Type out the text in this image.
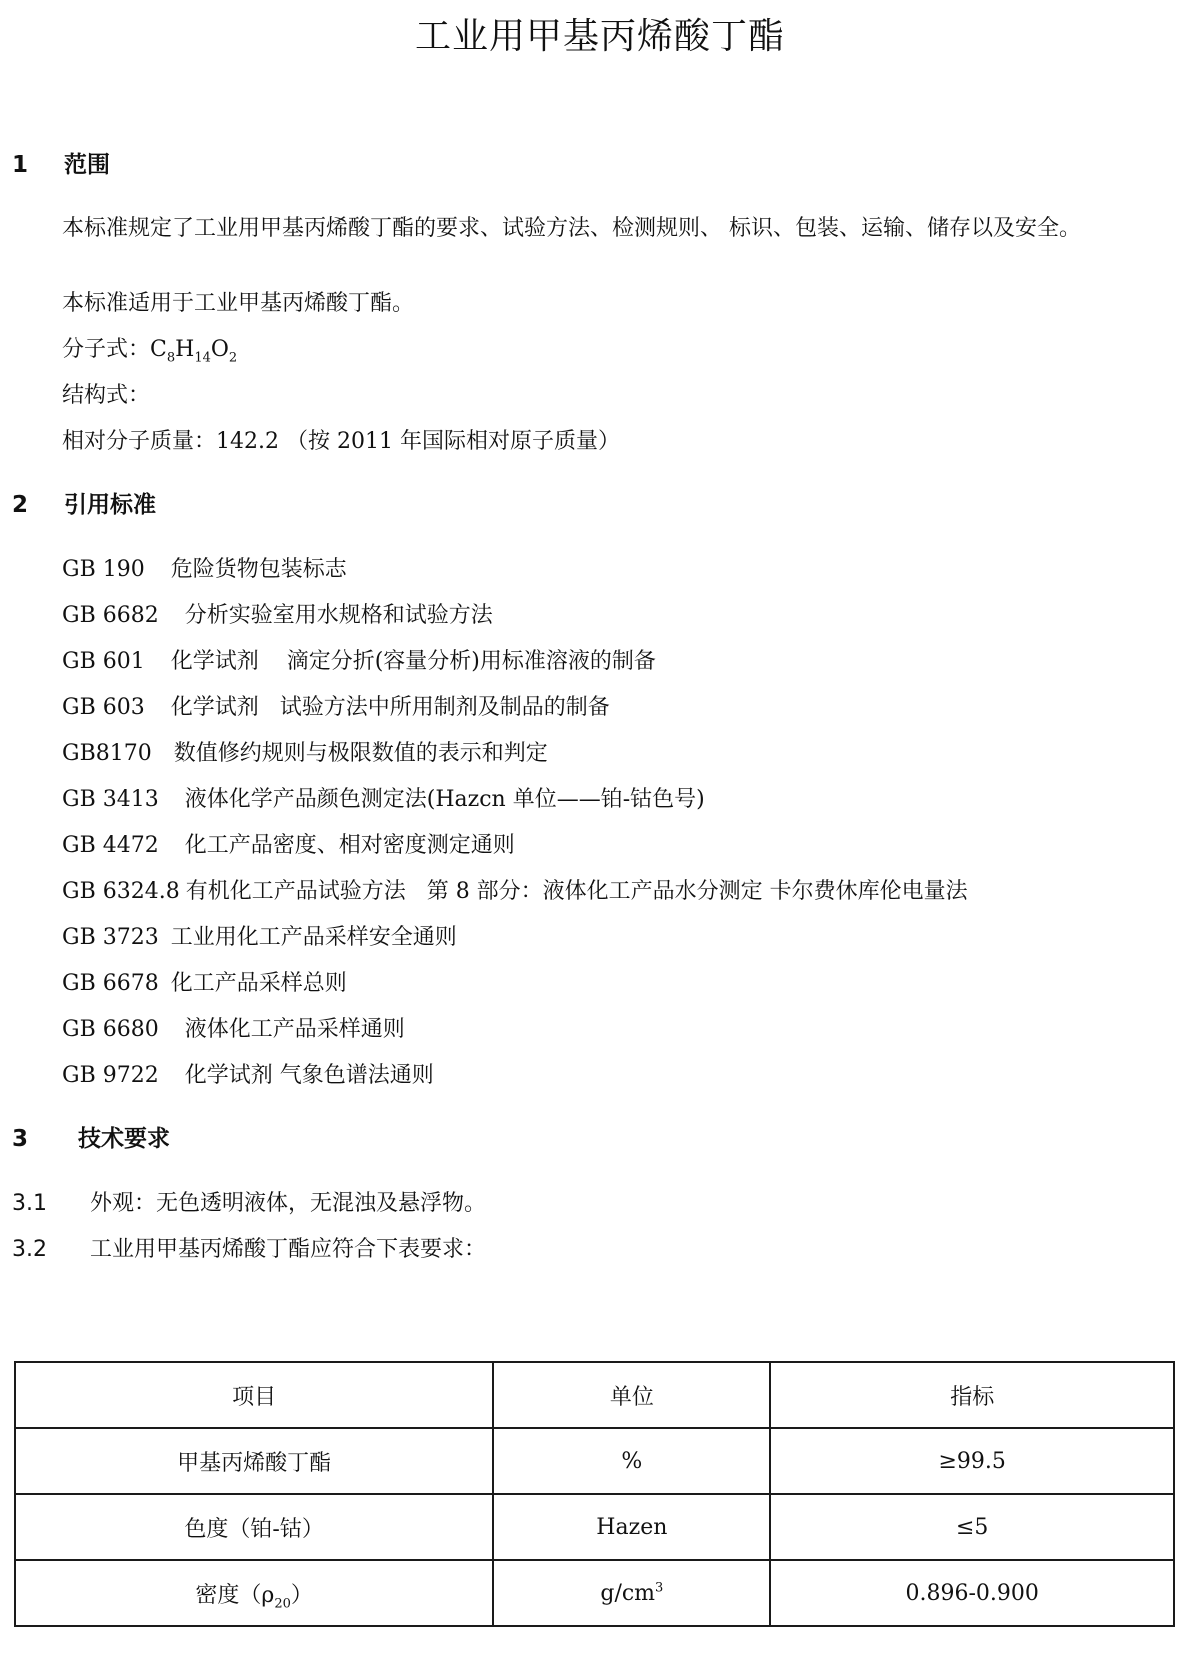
工业用甲基丙烯酸丁酯
1 范围
本标准规定了工业用甲基丙烯酸丁酯的要求、试验方法、检测规则、 标识、包装、运输、储存以及安全。
本标准适用于工业甲基丙烯酸丁酯。
分子式：$C_8H_{14}O_2$
结构式：
相对分子质量：142.2 （按 2011 年国际相对原子质量）
2 引用标准
GB 190 危险货物包装标志
GB 6682 分析实验室用水规格和试验方法
GB 601 化学试剂    滴定分折(容量分析)用标准溶液的制备
GB 603 化学试剂   试验方法中所用制剂及制品的制备
GB8170 数值修约规则与极限数值的表示和判定
GB 3413 液体化学产品颜色测定法(Hazcn 单位——铂-钴色号)
GB 4472 化工产品密度、相对密度测定通则
GB 6324.8 有机化工产品试验方法   第 8 部分：液体化工产品水分测定 卡尔费休库伦电量法
GB 3723 工业用化工产品采样安全通则
GB 6678 化工产品采样总则
GB 6680 液体化工产品采样通则
GB 9722 化学试剂 气象色谱法通则
3 技术要求
3.1 外观：无色透明液体，无混浊及悬浮物。
3.2 工业用甲基丙烯酸丁酯应符合下表要求：
项目	单位	指标
甲基丙烯酸丁酯	%	≥99.5
色度（铂-钴）	Hazen	≤5
密度$(\rho_{20})$	$g/cm^3$	0.896-0.900
